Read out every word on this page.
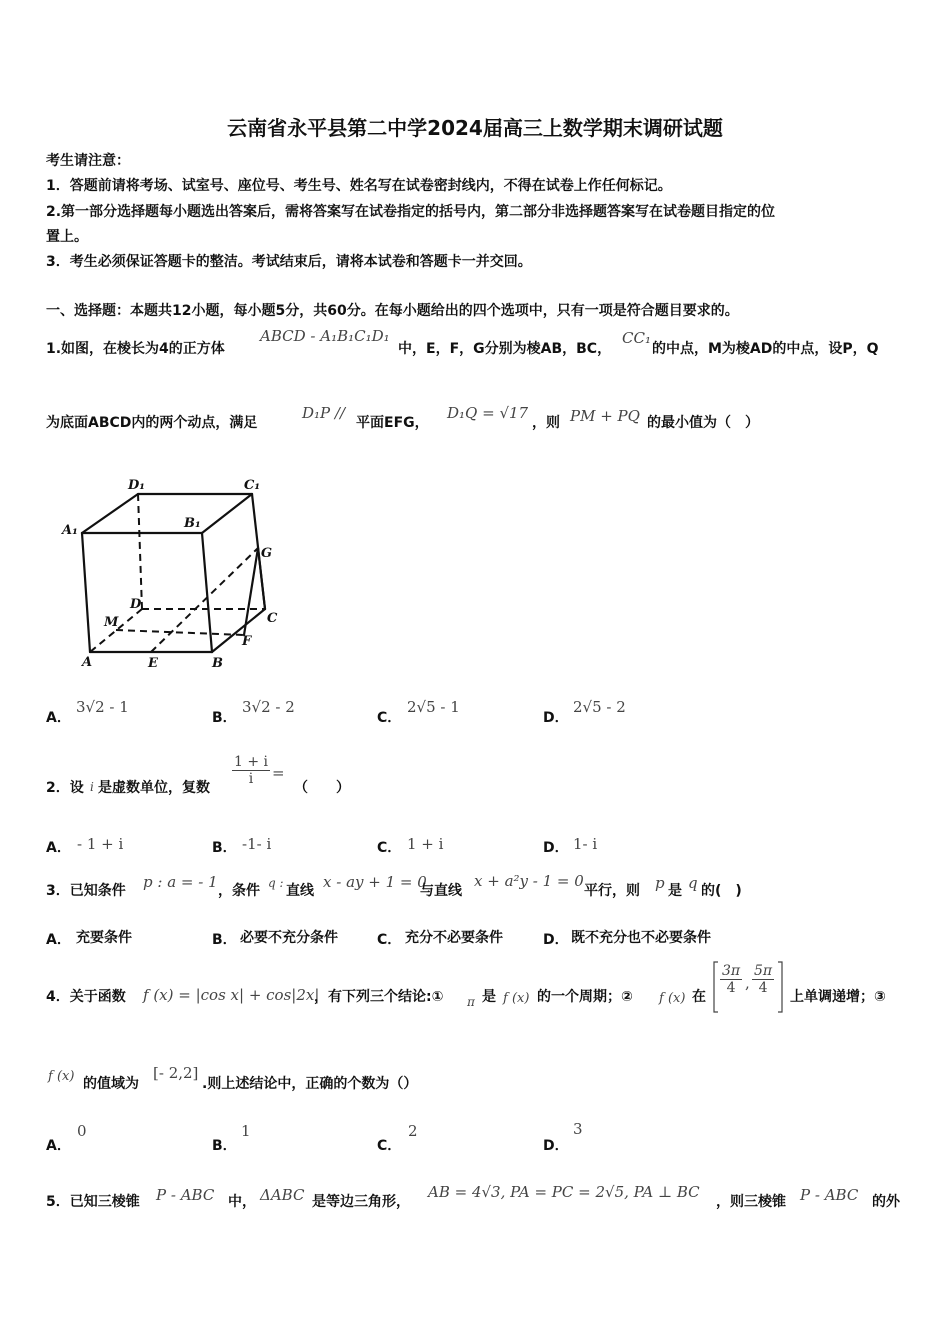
云南省永平县第二中学2024届高三上数学期末调研试题
考生请注意：
1．答题前请将考场、试室号、座位号、考生号、姓名写在试卷密封线内，不得在试卷上作任何标记。
2.第一部分选择题每小题选出答案后，需将答案写在试卷指定的括号内，第二部分非选择题答案写在试卷题目指定的位
置上。
3．考生必须保证答题卡的整洁。考试结束后，请将本试卷和答题卡一并交回。
一、选择题：本题共12小题，每小题5分，共60分。在每小题给出的四个选项中，只有一项是符合题目要求的。
1.如图，在棱长为4的正方体
ABCD - A₁B₁C₁D₁
中，E，F，G分别为棱AB，BC，
CC₁
的中点，M为棱AD的中点，设P，Q
为底面ABCD内的两个动点，满足
D₁P //
平面EFG，
D₁Q = √17
，则 PM + PQ 的最小值为（　）
D₁	C₁
A₁	B₁
G
D
C
M
F
A	E	B
A．
3√2 - 1
B．
3√2 - 2
C．
2√5 - 1
D．
2√5 - 2
2．设 i 是虚数单位，复数
$\frac{1 + i}{i}$ =
（　　）
A． - 1 + i	B． -1- i	C． 1 + i	D． 1- i
3．已知条件 p : a = - 1 ，条件 q : 直线 x - ay + 1 = 0
与直线
x + a²y - 1 = 0
平行，则 p 是 q 的(　)
A． 充要条件	B． 必要不充分条件	C． 充分不必要条件	D． 既不充分也不必要条件
4．关于函数 f (x) = |cos x| + cos|2x|
，有下列三个结论:① π 是 f (x) 的一个周期；② f (x) 在
$\frac{3\pi}{4}$ , $\frac{5\pi}{4}$
上单调递增；③
f (x) 的值域为
[- 2,2]
.则上述结论中，正确的个数为（）
A．
0
B．
1
C．
2
D．
3
5．已知三棱锥 P - ABC 中， ΔABC 是等边三角形，
AB = 4√3, PA = PC = 2√5, PA ⊥ BC
，则三棱锥 P - ABC 的外
